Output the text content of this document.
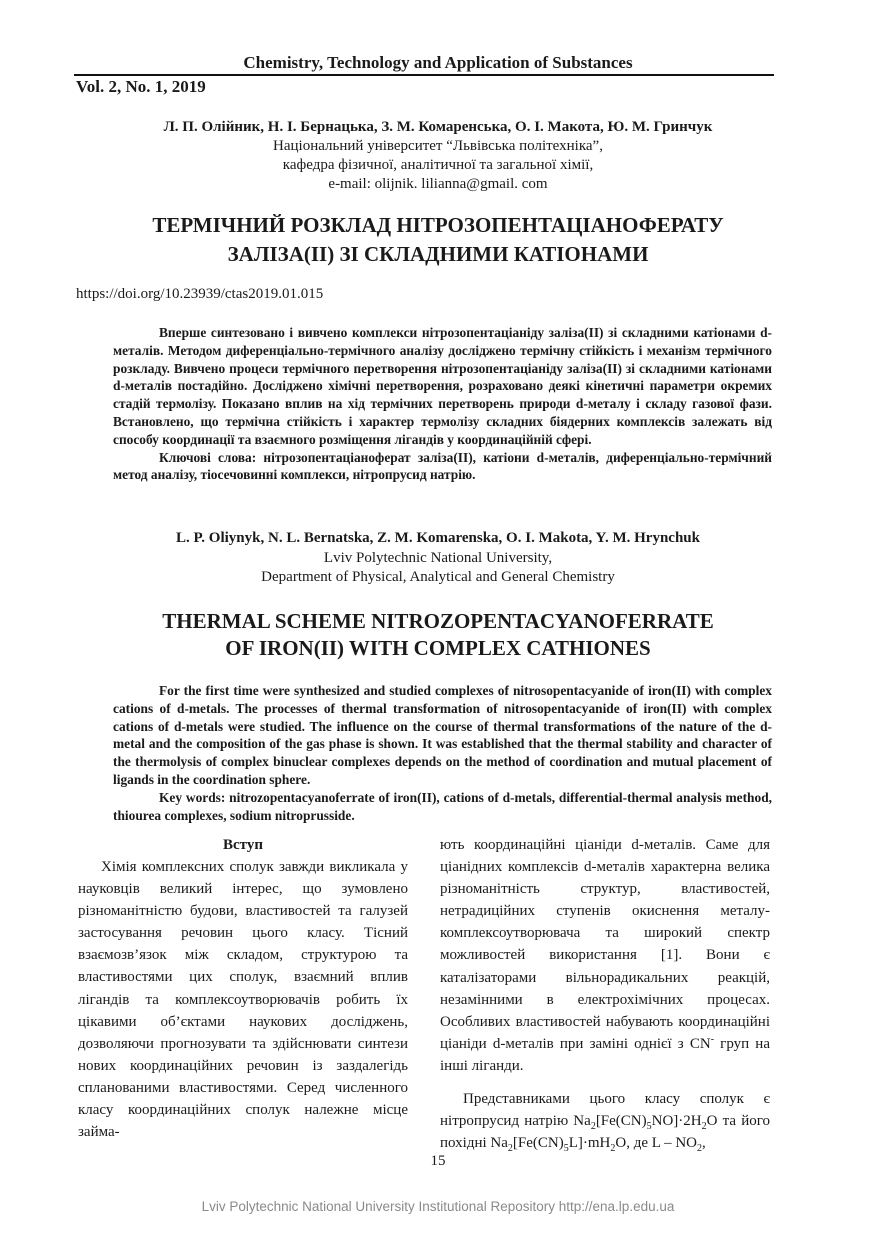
Chemistry, Technology and Application of Substances
Vol. 2, No. 1, 2019
Л. П. Олійник, Н. І. Бернацька, З. М. Комаренська, О. І. Макота, Ю. М. Гринчук
Національний університет “Львівська політехніка”,
кафедра фізичної, аналітичної та загальної хімії,
e-mail: olijnik. lilianna@gmail. com
ТЕРМІЧНИЙ РОЗКЛАД НІТРОЗОПЕНТАЦІАНОФЕРАТУ
ЗАЛІЗА(ІІ) ЗІ СКЛАДНИМИ КАТІОНАМИ
https://doi.org/10.23939/ctas2019.01.015

Вперше синтезовано і вивчено комплекси нітрозопентаціаніду заліза(ІІ) зі складними катіонами d-металів. Методом диференціально-термічного аналізу досліджено термічну стійкість і механізм термічного розкладу. Вивчено процеси термічного перетворення нітрозопентаціаніду заліза(ІІ) зі складними катіонами d-металів постадійно. Досліджено хімічні перетворення, розраховано деякі кінетичні параметри окремих стадій термолізу. Показано вплив на хід термічних перетворень природи d-металу і складу газової фази. Встановлено, що термічна стійкість і характер термолізу складних біядерних комплексів залежать від способу координації та взаємного розміщення лігандів у координаційній сфері.

Ключові слова: нітрозопентаціаноферат заліза(ІІ), катіони d-металів, диференціально-термічний метод аналізу, тіосечовинні комплекси, нітропрусид натрію.

L. P. Oliynyk, N. L. Bernatska, Z. M. Komarenska, O. I. Makota, Y. M. Hrynchuk
Lviv Polytechnic National University,
Department of Physical, Analytical and General Chemistry
THERMAL SCHEME NITROZOPENTACYANOFERRATE
OF IRON(II) WITH COMPLEX CATHIONES

For the first time were synthesized and studied complexes of nitrosopentacyanide of iron(II) with complex cations of d-metals. The processes of thermal transformation of nitrosopentacyanide of iron(II) with complex cations of d-metals were studied. The influence on the course of thermal transformations of the nature of the d-metal and the composition of the gas phase is shown. It was established that the thermal stability and character of the thermolysis of complex binuclear complexes depends on the method of coordination and mutual placement of ligands in the coordination sphere.

Key words: nitrozopentacyanoferrate of iron(II), cations of d-metals, differential-thermal analysis method, thiourea complexes, sodium nitroprusside.

Вступ

Хімія комплексних сполук завжди викликала у науковців великий інтерес, що зумовлено різноманітністю будови, властивостей та галузей застосування речовин цього класу. Тісний взаємозв’язок між складом, структурою та властивостями цих сполук, взаємний вплив лігандів та комплексоутворювачів робить їх цікавими об’єктами наукових досліджень, дозволяючи прогнозувати та здійснювати синтези нових координаційних речовин із заздалегідь спланованими властивостями. Серед численного класу координаційних сполук належне місце займа-

ють координаційні ціаніди d-металів. Саме для ціанідних комплексів d-металів характерна велика різноманітність структур, властивостей, нетрадиційних ступенів окиснення металу-комплексоутворювача та широкий спектр можливостей використання [1]. Вони є каталізаторами вільнорадикальних реакцій, незамінними в електрохімічних процесах. Особливих властивостей набувають координаційні ціаніди d-металів при заміні однієї з CN- груп на інші ліганди.

Представниками цього класу сполук є нітропрусид натрію $Na_2[Fe(CN)_5NO]\cdot 2H_2O$ та його похідні $Na_2[Fe(CN)_5L]\cdot mH_2O$, де L – $NO_2$,

15
Lviv Polytechnic National University Institutional Repository http://ena.lp.edu.ua
